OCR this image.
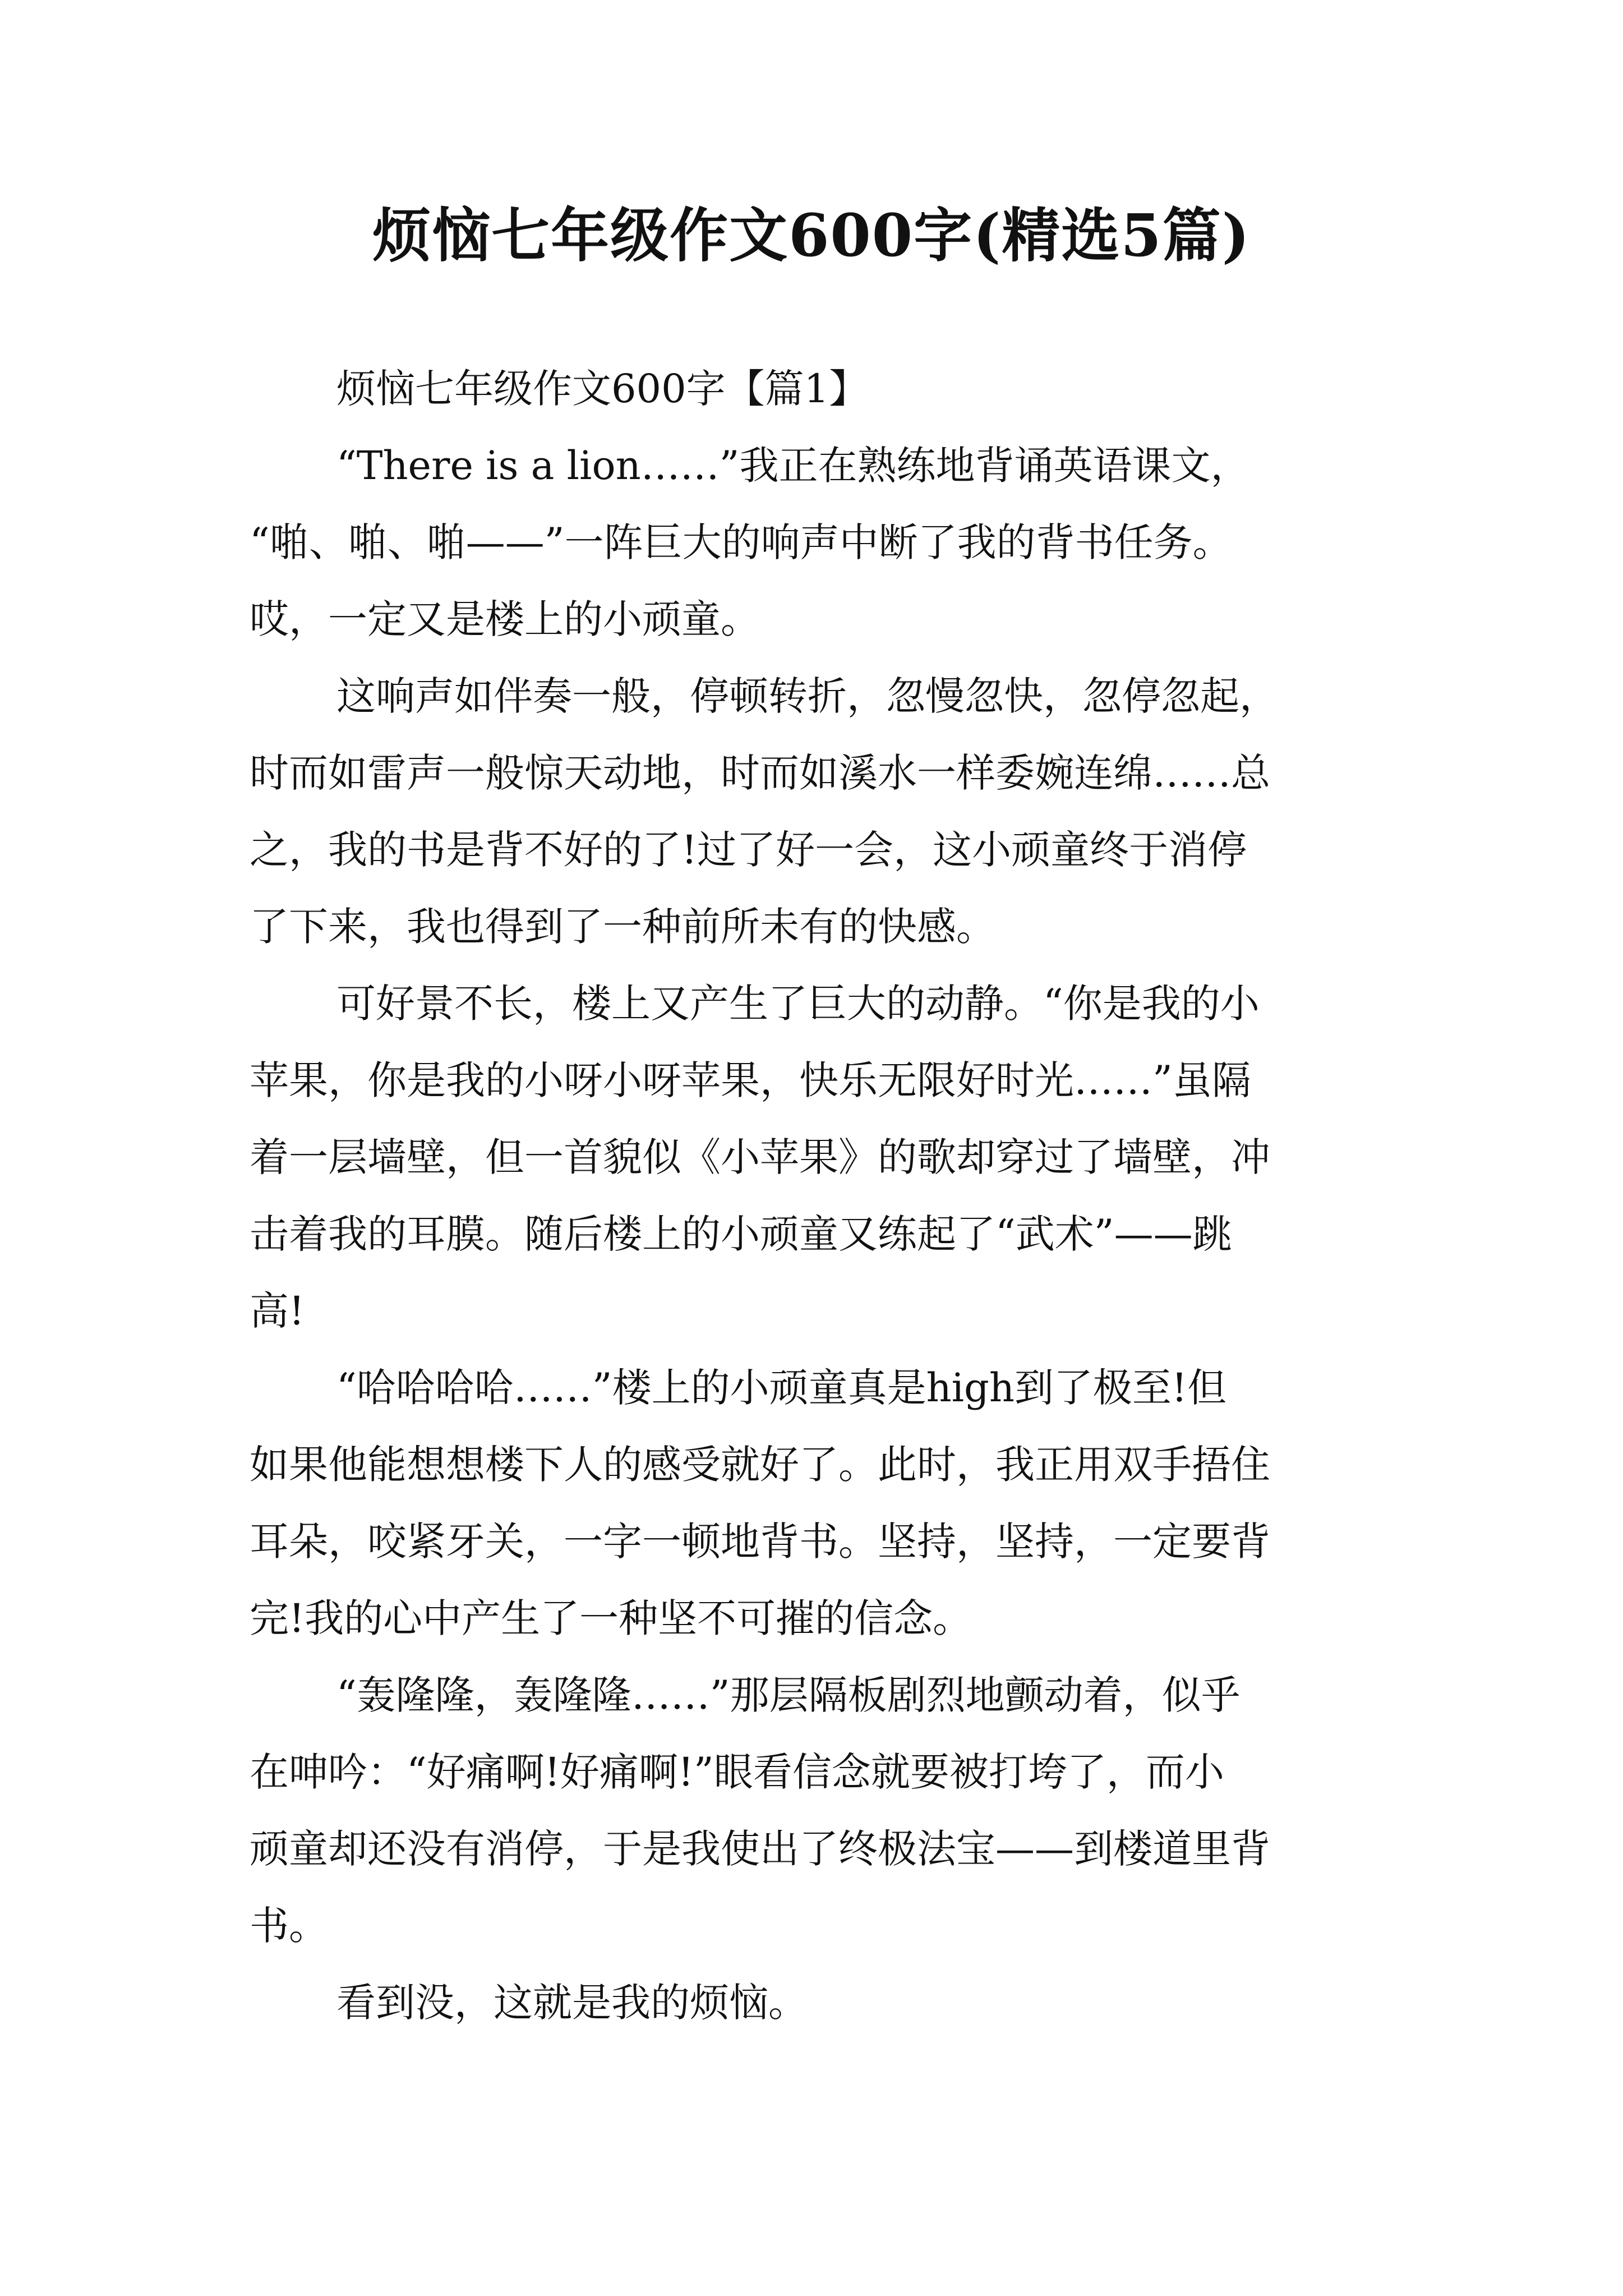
烦恼七年级作文600字(精选5篇)
烦恼七年级作文600字【篇1】
“There is a lion……”我正在熟练地背诵英语课文，
“啪、啪、啪——”一阵巨大的响声中断了我的背书任务。
哎，一定又是楼上的小顽童。
这响声如伴奏一般，停顿转折，忽慢忽快，忽停忽起，
时而如雷声一般惊天动地，时而如溪水一样委婉连绵……总
之，我的书是背不好的了!过了好一会，这小顽童终于消停
了下来，我也得到了一种前所未有的快感。
可好景不长，楼上又产生了巨大的动静。“你是我的小
苹果，你是我的小呀小呀苹果，快乐无限好时光……”虽隔
着一层墙壁，但一首貌似《小苹果》的歌却穿过了墙壁，冲
击着我的耳膜。随后楼上的小顽童又练起了“武术”——跳
高!
“哈哈哈哈……”楼上的小顽童真是high到了极至!但
如果他能想想楼下人的感受就好了。此时，我正用双手捂住
耳朵，咬紧牙关，一字一顿地背书。坚持，坚持，一定要背
完!我的心中产生了一种坚不可摧的信念。
“轰隆隆，轰隆隆……”那层隔板剧烈地颤动着，似乎
在呻吟：“好痛啊!好痛啊!”眼看信念就要被打垮了，而小
顽童却还没有消停，于是我使出了终极法宝——到楼道里背
书。
看到没，这就是我的烦恼。
